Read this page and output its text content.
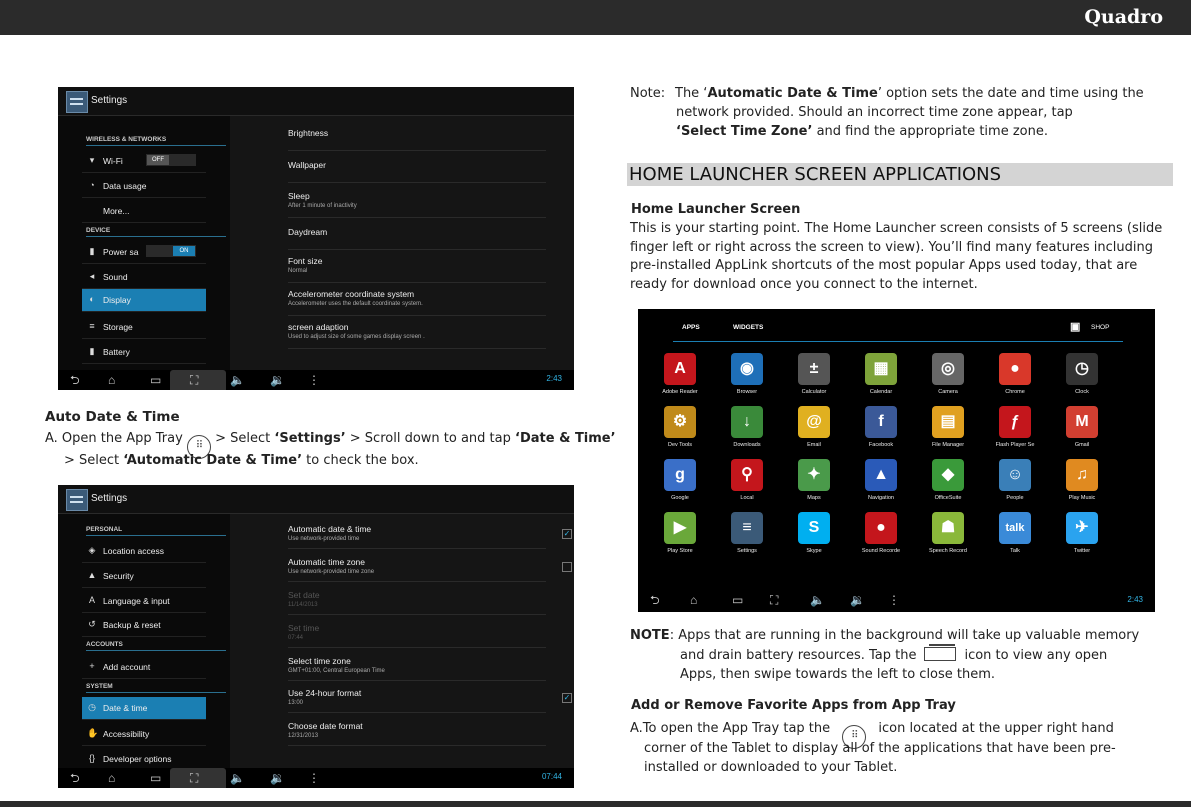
Quadro
Settings
WIRELESS & NETWORKS
▾	Wi-Fi	OFF
◔ Data usage
More...
DEVICE
▮ Power sa	ON
◂	Sound
◐ Display
≡ Storage
▮ Battery
Brightness
Wallpaper
Sleep
After 1 minute of inactivity
Daydream
Font size
Normal
Accelerometer coordinate system
Accelerometer uses the default coordinate system.
screen adaption
Used to adjust size of some games display screen .
⮌ ⌂	▭ ⛶	🔈 🔉 ⋮	2:43
Auto Date & Time
A. Open the App Tray ⠿ > Select ‘Settings’ > Scroll down to and tap ‘Date & Time’
> Select ‘Automatic Date & Time’ to check the box.
Settings
PERSONAL
◈ Location access
▲ Security
A Language & input
↺ Backup & reset
ACCOUNTS
+ Add account
SYSTEM
◷ Date & time
✋ Accessibility
{} Developer options
Automatic date & time
Use network-provided time
✓
Automatic time zone
Use network-provided time zone
Set date
11/14/2013
Set time
07:44
Select time zone
GMT+01:00, Central European Time
Use 24-hour format
13:00
✓
Choose date format
12/31/2013
⮌ ⌂	▭ ⛶	🔈 🔉 ⋮	07:44
Note: The ‘Automatic Date & Time’ option sets the date and time using the
network provided. Should an incorrect time zone appear, tap
‘Select Time Zone’ and find the appropriate time zone.
HOME LAUNCHER SCREEN APPLICATIONS
Home Launcher Screen
This is your starting point. The Home Launcher screen consists of 5 screens (slide
finger left or right across the screen to view). You’ll find many features including
pre-installed AppLink shortcuts of the most popular Apps used today, that are
ready for download once you connect to the internet.
APPS	WIDGETS	▣ SHOP
A
Adobe Reader
◉
Browser
±
Calculator
▦
Calendar
◎
Camera
●
Chrome
◷
Clock
⚙
Dev Tools
↓
Downloads
@
Email
f
Facebook
▤
File Manager
ƒ
Flash Player Se
M
Gmail
g
Google
⚲
Local
✦
Maps
▲
Navigation
◆
OfficeSuite
☺
People
♫
Play Music
▶
Play Store
≡
Settings
S
Skype
●
Sound Recorde
☗
Speech Record
talk
Talk
✈
Twitter
⮌	⌂	▭ ⛶	🔈 🔉 ⋮	2:43
NOTE: Apps that are running in the background will take up valuable memory
and drain battery resources. Tap the	icon to view any open
Apps, then swipe towards the left to close them.
Add or Remove Favorite Apps from App Tray
A.To open the App Tray tap the ⠿ icon located at the upper right hand
corner of the Tablet to display all of the applications that have been pre-
installed or downloaded to your Tablet.
